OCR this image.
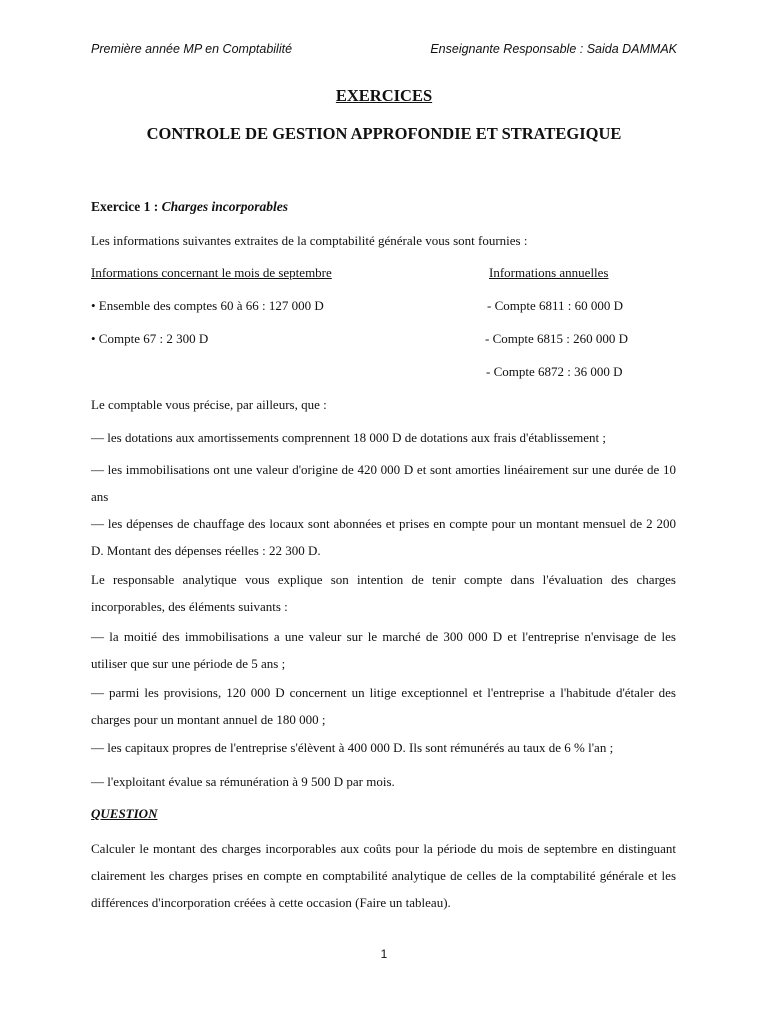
Première année MP en Comptabilité	Enseignante Responsable : Saida DAMMAK
EXERCICES
CONTROLE DE GESTION APPROFONDIE ET STRATEGIQUE
Exercice 1 : Charges incorporables
Les informations suivantes extraites de la comptabilité générale vous sont fournies :
Informations concernant le mois de septembre	Informations annuelles
• Ensemble des comptes 60 à 66 : 127 000 D
• Compte 67 : 2 300 D
- Compte 6811 : 60 000 D
- Compte 6815 : 260 000 D
- Compte 6872 : 36 000 D
Le comptable vous précise, par ailleurs, que :
— les dotations aux amortissements comprennent 18 000 D de dotations aux frais d'établissement ;
— les immobilisations ont une valeur d'origine de 420 000 D et sont amorties linéairement sur une durée de 10 ans
— les dépenses de chauffage des locaux sont abonnées et prises en compte pour un montant mensuel de 2 200 D. Montant des dépenses réelles : 22 300 D.
Le responsable analytique vous explique son intention de tenir compte dans l'évaluation des charges incorporables, des éléments suivants :
— la moitié des immobilisations a une valeur sur le marché de 300 000 D et l'entreprise n'envisage de les utiliser que sur une période de 5 ans ;
— parmi les provisions, 120 000 D concernent un litige exceptionnel et l'entreprise a l'habitude d'étaler des charges pour un montant annuel de 180 000 ;
— les capitaux propres de l'entreprise s'élèvent à 400 000 D. Ils sont rémunérés au taux de 6 % l'an ;
— l'exploitant évalue sa rémunération à 9 500 D par mois.
QUESTION
Calculer le montant des charges incorporables aux coûts pour la période du mois de septembre en distinguant clairement les charges prises en compte en comptabilité analytique de celles de la comptabilité générale et les différences d'incorporation créées à cette occasion (Faire un tableau).
1
